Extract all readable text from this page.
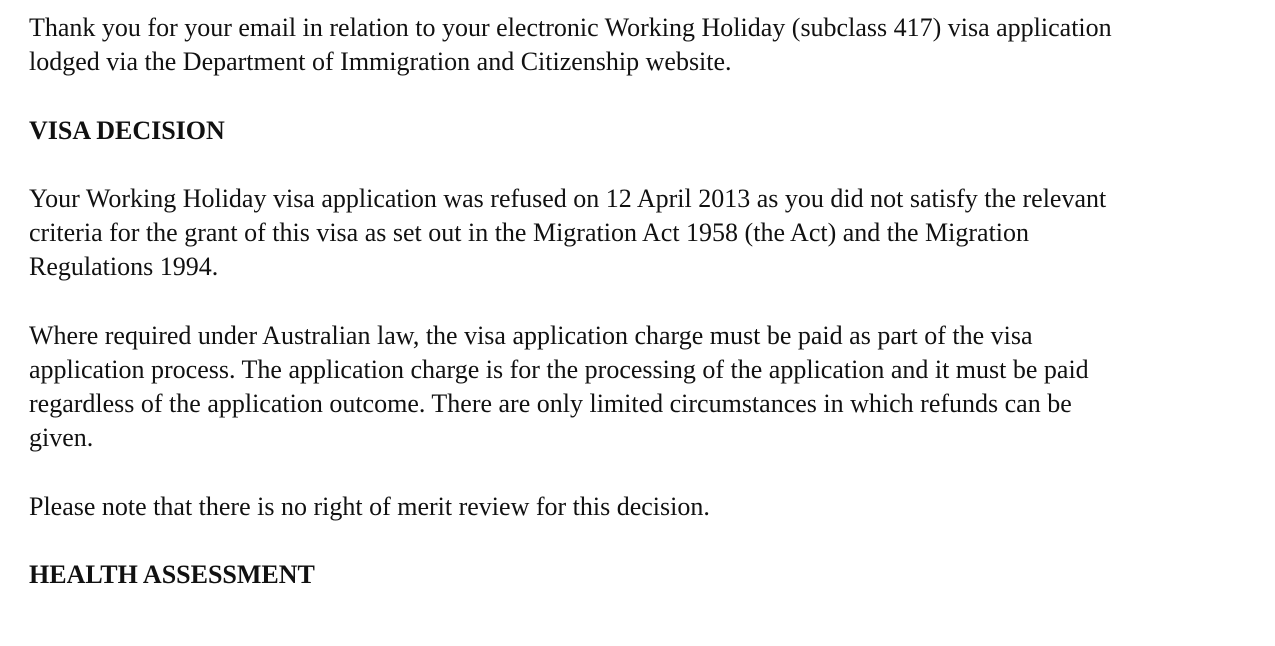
Thank you for your email in relation to your electronic Working Holiday (subclass 417) visa application lodged via the Department of Immigration and Citizenship website.

VISA DECISION

Your Working Holiday visa application was refused on 12 April 2013 as you did not satisfy the relevant criteria for the grant of this visa as set out in the Migration Act 1958 (the Act) and the Migration Regulations 1994.

Where required under Australian law, the visa application charge must be paid as part of the visa application process. The application charge is for the processing of the application and it must be paid regardless of the application outcome. There are only limited circumstances in which refunds can be given.

Please note that there is no right of merit review for this decision.

HEALTH ASSESSMENT
